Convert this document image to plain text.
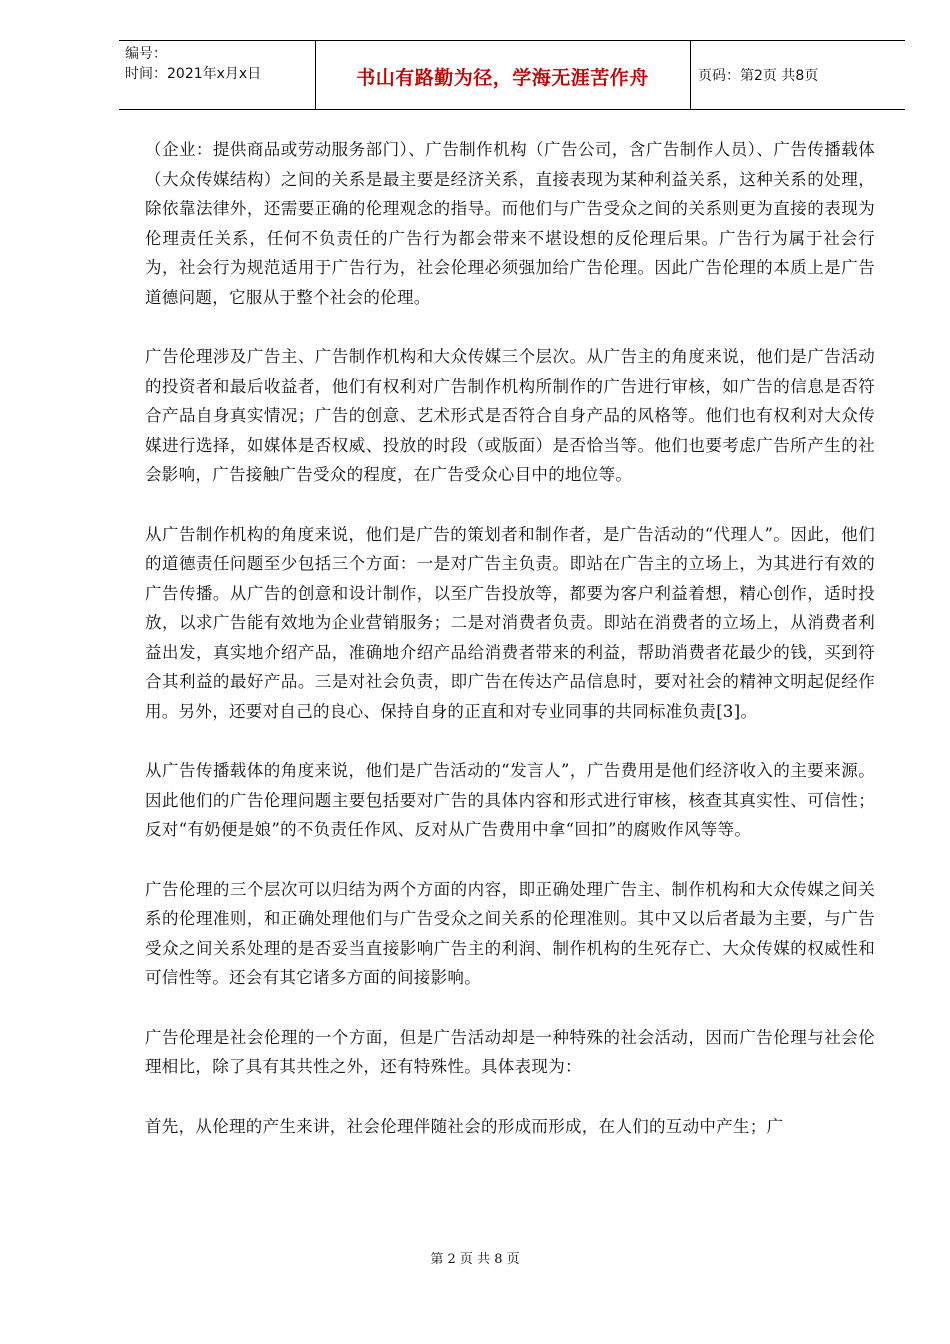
编号：
时间：2021年x月x日	书山有路勤为径，学海无涯苦作舟	页码：第2页 共8页

（企业：提供商品或劳动服务部门）、广告制作机构（广告公司，含广告制作人员）、广告传播载体（大众传媒结构）之间的关系是最主要是经济关系，直接表现为某种利益关系，这种关系的处理，除依靠法律外，还需要正确的伦理观念的指导。而他们与广告受众之间的关系则更为直接的表现为伦理责任关系，任何不负责任的广告行为都会带来不堪设想的反伦理后果。广告行为属于社会行为，社会行为规范适用于广告行为，社会伦理必须强加给广告伦理。因此广告伦理的本质上是广告道德问题，它服从于整个社会的伦理。

广告伦理涉及广告主、广告制作机构和大众传媒三个层次。从广告主的角度来说，他们是广告活动的投资者和最后收益者，他们有权利对广告制作机构所制作的广告进行审核，如广告的信息是否符合产品自身真实情况；广告的创意、艺术形式是否符合自身产品的风格等。他们也有权利对大众传媒进行选择，如媒体是否权威、投放的时段（或版面）是否恰当等。他们也要考虑广告所产生的社会影响，广告接触广告受众的程度，在广告受众心目中的地位等。

从广告制作机构的角度来说，他们是广告的策划者和制作者，是广告活动的“代理人”。因此，他们的道德责任问题至少包括三个方面：一是对广告主负责。即站在广告主的立场上，为其进行有效的广告传播。从广告的创意和设计制作，以至广告投放等，都要为客户利益着想，精心创作，适时投放，以求广告能有效地为企业营销服务；二是对消费者负责。即站在消费者的立场上，从消费者利益出发，真实地介绍产品，准确地介绍产品给消费者带来的利益，帮助消费者花最少的钱，买到符合其利益的最好产品。三是对社会负责，即广告在传达产品信息时，要对社会的精神文明起促经作用。另外，还要对自己的良心、保持自身的正直和对专业同事的共同标准负责[3]。

从广告传播载体的角度来说，他们是广告活动的“发言人”，广告费用是他们经济收入的主要来源。因此他们的广告伦理问题主要包括要对广告的具体内容和形式进行审核，核查其真实性、可信性；反对“有奶便是娘”的不负责任作风、反对从广告费用中拿“回扣”的腐败作风等等。

广告伦理的三个层次可以归结为两个方面的内容，即正确处理广告主、制作机构和大众传媒之间关系的伦理准则，和正确处理他们与广告受众之间关系的伦理准则。其中又以后者最为主要，与广告受众之间关系处理的是否妥当直接影响广告主的利润、制作机构的生死存亡、大众传媒的权威性和可信性等。还会有其它诸多方面的间接影响。

广告伦理是社会伦理的一个方面，但是广告活动却是一种特殊的社会活动，因而广告伦理与社会伦理相比，除了具有其共性之外，还有特殊性。具体表现为：

首先，从伦理的产生来讲，社会伦理伴随社会的形成而形成，在人们的互动中产生；广

第 2 页 共 8 页
